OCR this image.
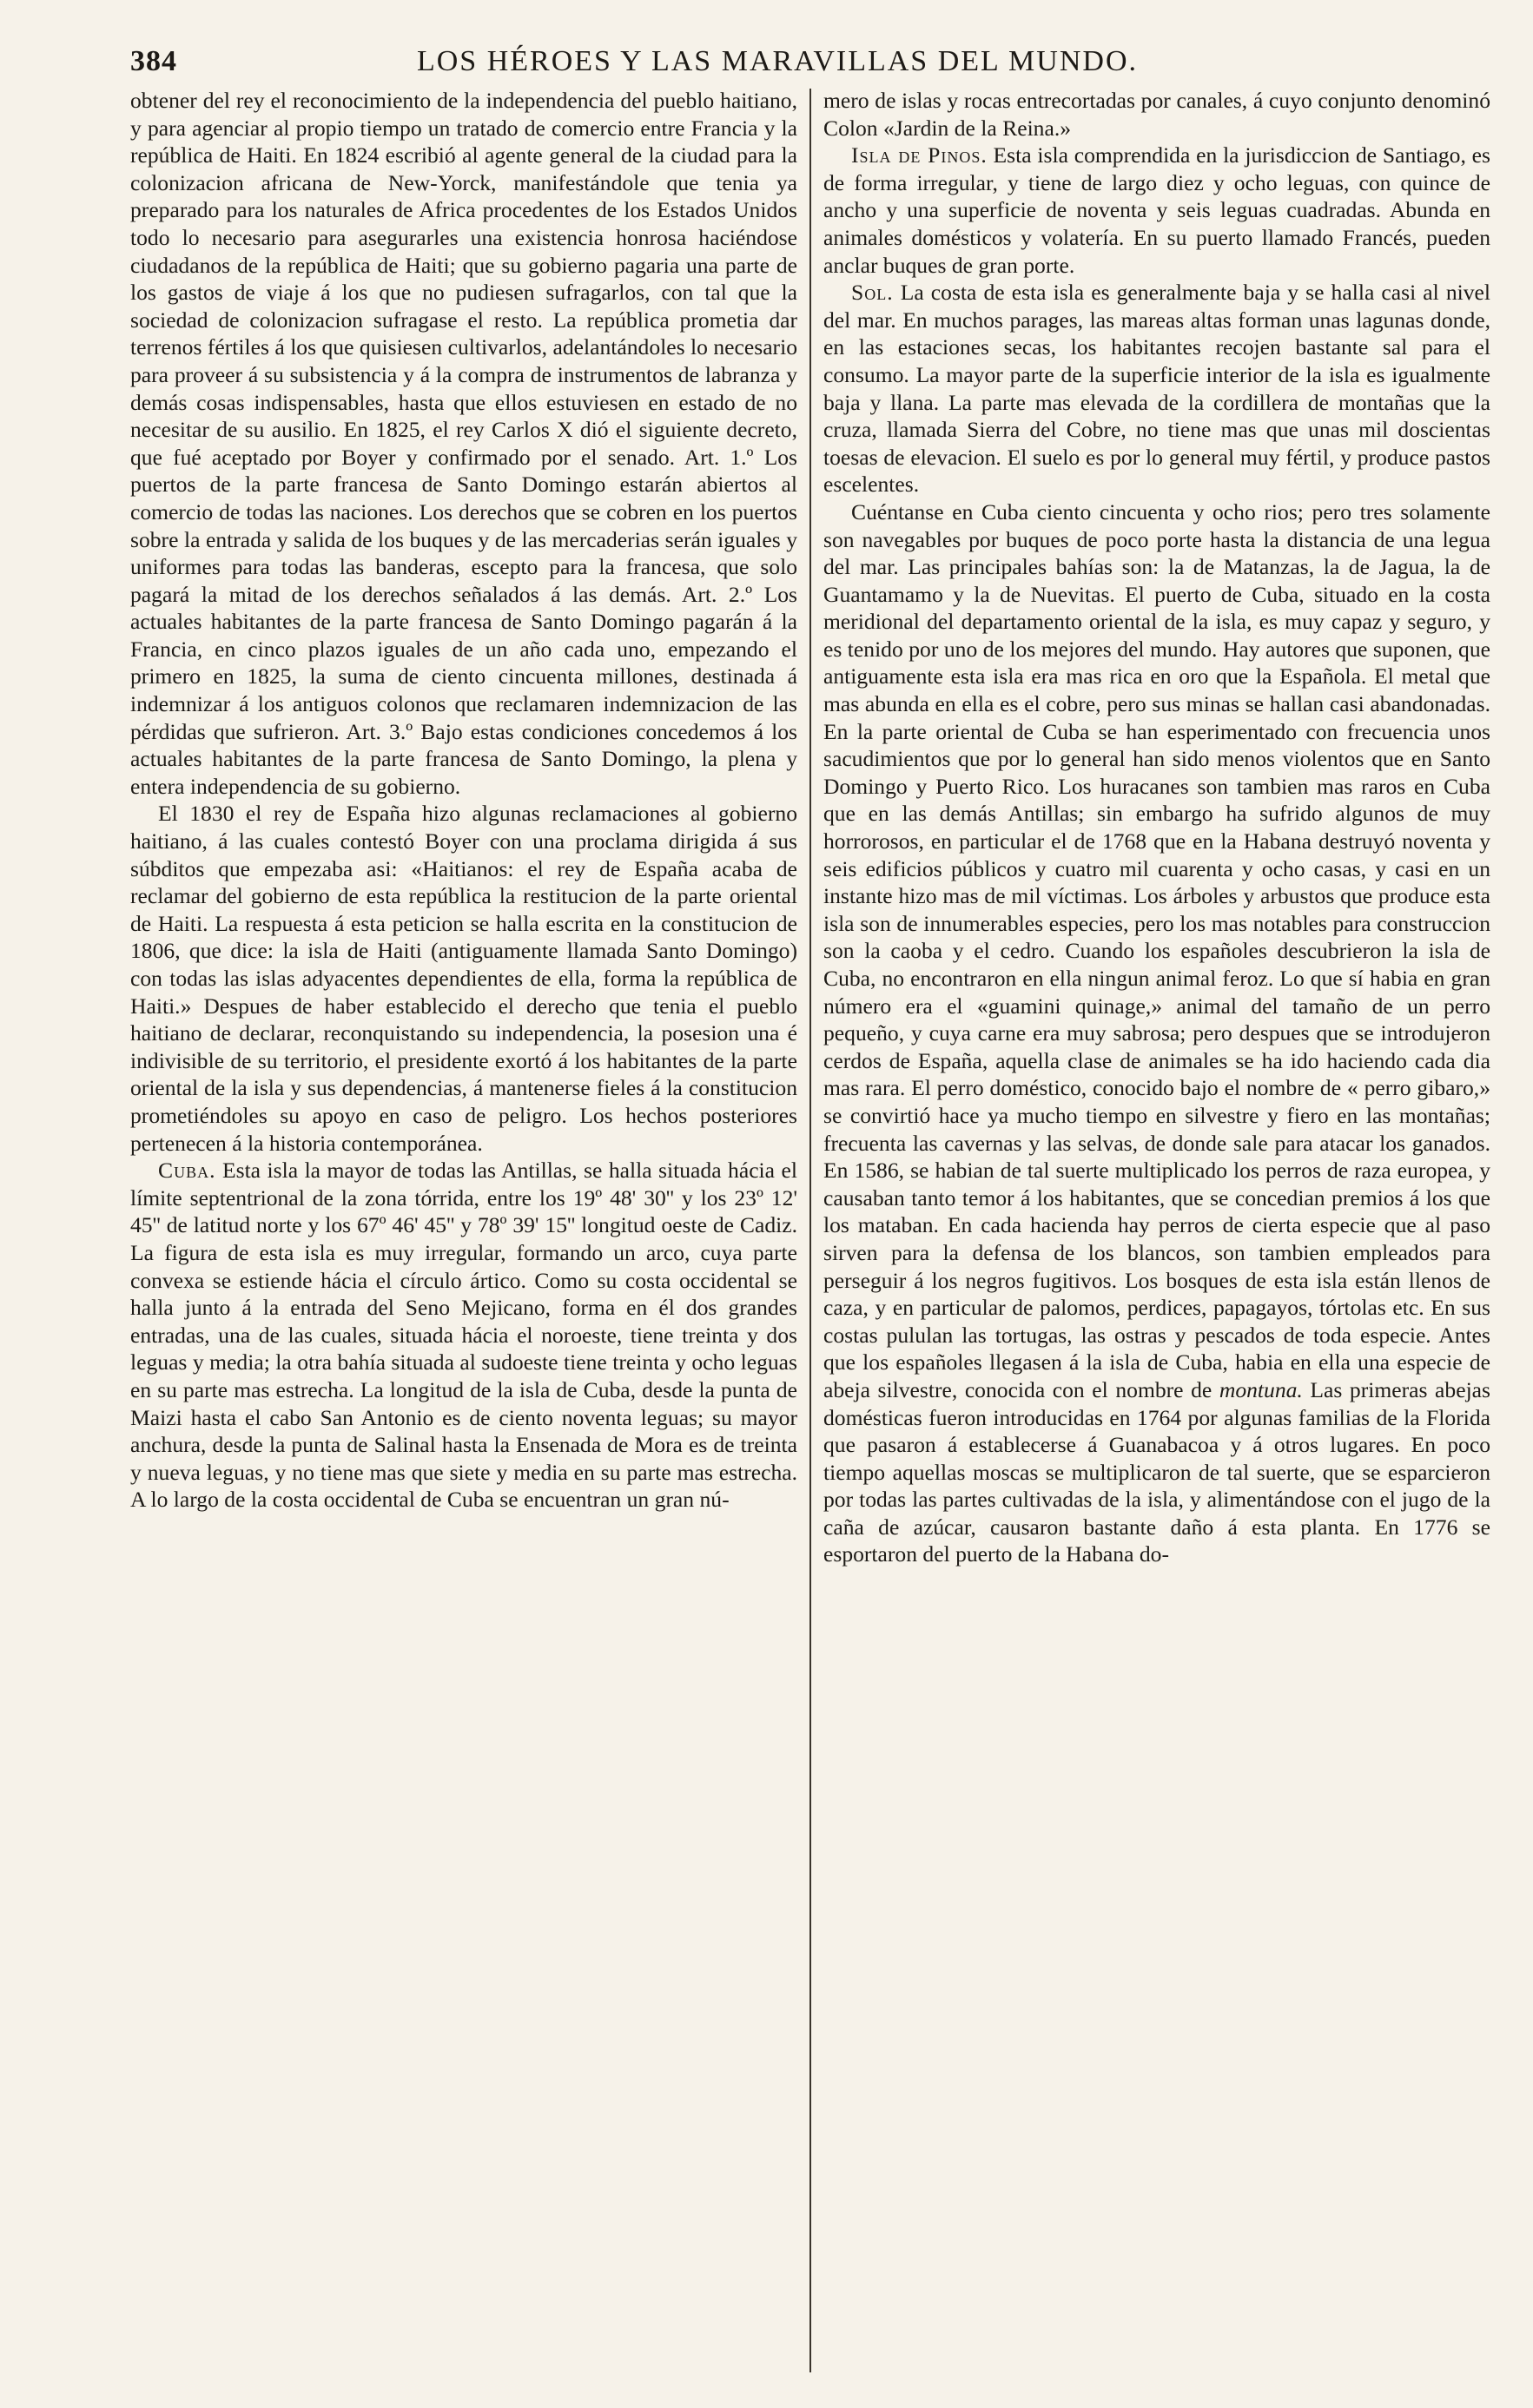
384	LOS HÉROES Y LAS MARAVILLAS DEL MUNDO.

obtener del rey el reconocimiento de la independencia del pueblo haitiano, y para agenciar al propio tiempo un tratado de comercio entre Francia y la república de Haiti. En 1824 escribió al agente general de la ciudad para la colonizacion africana de New-Yorck, manifestándole que tenia ya preparado para los naturales de Africa procedentes de los Estados Unidos todo lo necesario para asegurarles una existencia honrosa haciéndose ciudadanos de la república de Haiti; que su gobierno pagaria una parte de los gastos de viaje á los que no pudiesen sufragarlos, con tal que la sociedad de colonizacion sufragase el resto. La república prometia dar terrenos fértiles á los que quisiesen cultivarlos, adelantándoles lo necesario para proveer á su subsistencia y á la compra de instrumentos de labranza y demás cosas indispensables, hasta que ellos estuviesen en estado de no necesitar de su ausilio. En 1825, el rey Carlos X dió el siguiente decreto, que fué aceptado por Boyer y confirmado por el senado. Art. 1.º Los puertos de la parte francesa de Santo Domingo estarán abiertos al comercio de todas las naciones. Los derechos que se cobren en los puertos sobre la entrada y salida de los buques y de las mercaderias serán iguales y uniformes para todas las banderas, escepto para la francesa, que solo pagará la mitad de los derechos señalados á las demás. Art. 2.º Los actuales habitantes de la parte francesa de Santo Domingo pagarán á la Francia, en cinco plazos iguales de un año cada uno, empezando el primero en 1825, la suma de ciento cincuenta millones, destinada á indemnizar á los antiguos colonos que reclamaren indemnizacion de las pérdidas que sufrieron. Art. 3.º Bajo estas condiciones concedemos á los actuales habitantes de la parte francesa de Santo Domingo, la plena y entera independencia de su gobierno.

El 1830 el rey de España hizo algunas reclamaciones al gobierno haitiano, á las cuales contestó Boyer con una proclama dirigida á sus súbditos que empezaba asi: «Haitianos: el rey de España acaba de reclamar del gobierno de esta república la restitucion de la parte oriental de Haiti. La respuesta á esta peticion se halla escrita en la constitucion de 1806, que dice: la isla de Haiti (antiguamente llamada Santo Domingo) con todas las islas adyacentes dependientes de ella, forma la república de Haiti.» Despues de haber establecido el derecho que tenia el pueblo haitiano de declarar, reconquistando su independencia, la posesion una é indivisible de su territorio, el presidente exortó á los habitantes de la parte oriental de la isla y sus dependencias, á mantenerse fieles á la constitucion prometiéndoles su apoyo en caso de peligro. Los hechos posteriores pertenecen á la historia contemporánea.

Cuba. Esta isla la mayor de todas las Antillas, se halla situada hácia el límite septentrional de la zona tórrida, entre los 19º 48' 30'' y los 23º 12' 45'' de latitud norte y los 67º 46' 45'' y 78º 39' 15'' longitud oeste de Cadiz. La figura de esta isla es muy irregular, formando un arco, cuya parte convexa se estiende hácia el círculo ártico. Como su costa occidental se halla junto á la entrada del Seno Mejicano, forma en él dos grandes entradas, una de las cuales, situada hácia el noroeste, tiene treinta y dos leguas y media; la otra bahía situada al sudoeste tiene treinta y ocho leguas en su parte mas estrecha. La longitud de la isla de Cuba, desde la punta de Maizi hasta el cabo San Antonio es de ciento noventa leguas; su mayor anchura, desde la punta de Salinal hasta la Ensenada de Mora es de treinta y nueva leguas, y no tiene mas que siete y media en su parte mas estrecha. A lo largo de la costa occidental de Cuba se encuentran un gran nú-

mero de islas y rocas entrecortadas por canales, á cuyo conjunto denominó Colon «Jardin de la Reina.»

Isla de Pinos. Esta isla comprendida en la jurisdiccion de Santiago, es de forma irregular, y tiene de largo diez y ocho leguas, con quince de ancho y una superficie de noventa y seis leguas cuadradas. Abunda en animales domésticos y volatería. En su puerto llamado Francés, pueden anclar buques de gran porte.

Sol. La costa de esta isla es generalmente baja y se halla casi al nivel del mar. En muchos parages, las mareas altas forman unas lagunas donde, en las estaciones secas, los habitantes recojen bastante sal para el consumo. La mayor parte de la superficie interior de la isla es igualmente baja y llana. La parte mas elevada de la cordillera de montañas que la cruza, llamada Sierra del Cobre, no tiene mas que unas mil doscientas toesas de elevacion. El suelo es por lo general muy fértil, y produce pastos escelentes.

Cuéntanse en Cuba ciento cincuenta y ocho rios; pero tres solamente son navegables por buques de poco porte hasta la distancia de una legua del mar. Las principales bahías son: la de Matanzas, la de Jagua, la de Guantamamo y la de Nuevitas. El puerto de Cuba, situado en la costa meridional del departamento oriental de la isla, es muy capaz y seguro, y es tenido por uno de los mejores del mundo. Hay autores que suponen, que antiguamente esta isla era mas rica en oro que la Española. El metal que mas abunda en ella es el cobre, pero sus minas se hallan casi abandonadas. En la parte oriental de Cuba se han esperimentado con frecuencia unos sacudimientos que por lo general han sido menos violentos que en Santo Domingo y Puerto Rico. Los huracanes son tambien mas raros en Cuba que en las demás Antillas; sin embargo ha sufrido algunos de muy horrorosos, en particular el de 1768 que en la Habana destruyó noventa y seis edificios públicos y cuatro mil cuarenta y ocho casas, y casi en un instante hizo mas de mil víctimas. Los árboles y arbustos que produce esta isla son de innumerables especies, pero los mas notables para construccion son la caoba y el cedro. Cuando los españoles descubrieron la isla de Cuba, no encontraron en ella ningun animal feroz. Lo que sí habia en gran número era el «guamini quinage,» animal del tamaño de un perro pequeño, y cuya carne era muy sabrosa; pero despues que se introdujeron cerdos de España, aquella clase de animales se ha ido haciendo cada dia mas rara. El perro doméstico, conocido bajo el nombre de « perro gibaro,» se convirtió hace ya mucho tiempo en silvestre y fiero en las montañas; frecuenta las cavernas y las selvas, de donde sale para atacar los ganados. En 1586, se habian de tal suerte multiplicado los perros de raza europea, y causaban tanto temor á los habitantes, que se concedian premios á los que los mataban. En cada hacienda hay perros de cierta especie que al paso sirven para la defensa de los blancos, son tambien empleados para perseguir á los negros fugitivos. Los bosques de esta isla están llenos de caza, y en particular de palomos, perdices, papagayos, tórtolas etc. En sus costas pululan las tortugas, las ostras y pescados de toda especie. Antes que los españoles llegasen á la isla de Cuba, habia en ella una especie de abeja silvestre, conocida con el nombre de montuna. Las primeras abejas domésticas fueron introducidas en 1764 por algunas familias de la Florida que pasaron á establecerse á Guanabacoa y á otros lugares. En poco tiempo aquellas moscas se multiplicaron de tal suerte, que se esparcieron por todas las partes cultivadas de la isla, y alimentándose con el jugo de la caña de azúcar, causaron bastante daño á esta planta. En 1776 se esportaron del puerto de la Habana do-
